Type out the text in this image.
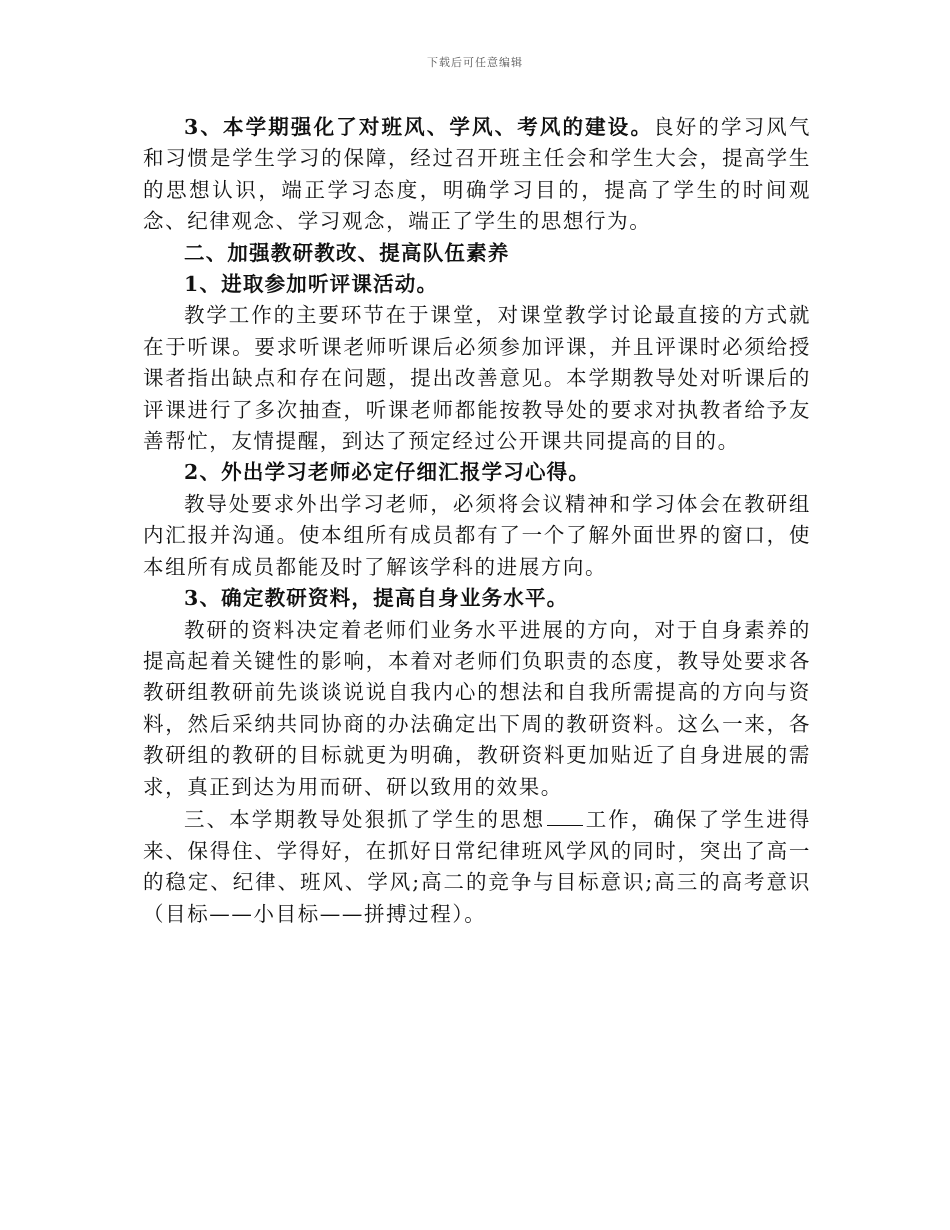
下载后可任意编辑

3、本学期强化了对班风、学风、考风的建设。良好的学习风气和习惯是学生学习的保障，经过召开班主任会和学生大会，提高学生的思想认识，端正学习态度，明确学习目的，提高了学生的时间观念、纪律观念、学习观念，端正了学生的思想行为。

二、加强教研教改、提高队伍素养

1、进取参加听评课活动。

教学工作的主要环节在于课堂，对课堂教学讨论最直接的方式就在于听课。要求听课老师听课后必须参加评课，并且评课时必须给授课者指出缺点和存在问题，提出改善意见。本学期教导处对听课后的评课进行了多次抽查，听课老师都能按教导处的要求对执教者给予友善帮忙，友情提醒，到达了预定经过公开课共同提高的目的。

2、外出学习老师必定仔细汇报学习心得。

教导处要求外出学习老师，必须将会议精神和学习体会在教研组内汇报并沟通。使本组所有成员都有了一个了解外面世界的窗口，使本组所有成员都能及时了解该学科的进展方向。

3、确定教研资料，提高自身业务水平。

教研的资料决定着老师们业务水平进展的方向，对于自身素养的提高起着关键性的影响，本着对老师们负职责的态度，教导处要求各教研组教研前先谈谈说说自我内心的想法和自我所需提高的方向与资料，然后采纳共同协商的办法确定出下周的教研资料。这么一来，各教研组的教研的目标就更为明确，教研资料更加贴近了自身进展的需求，真正到达为用而研、研以致用的效果。

三、本学期教导处狠抓了学生的思想 工作，确保了学生进得来、保得住、学得好，在抓好日常纪律班风学风的同时，突出了高一的稳定、纪律、班风、学风;高二的竞争与目标意识;高三的高考意识（目标——小目标——拼搏过程）。
